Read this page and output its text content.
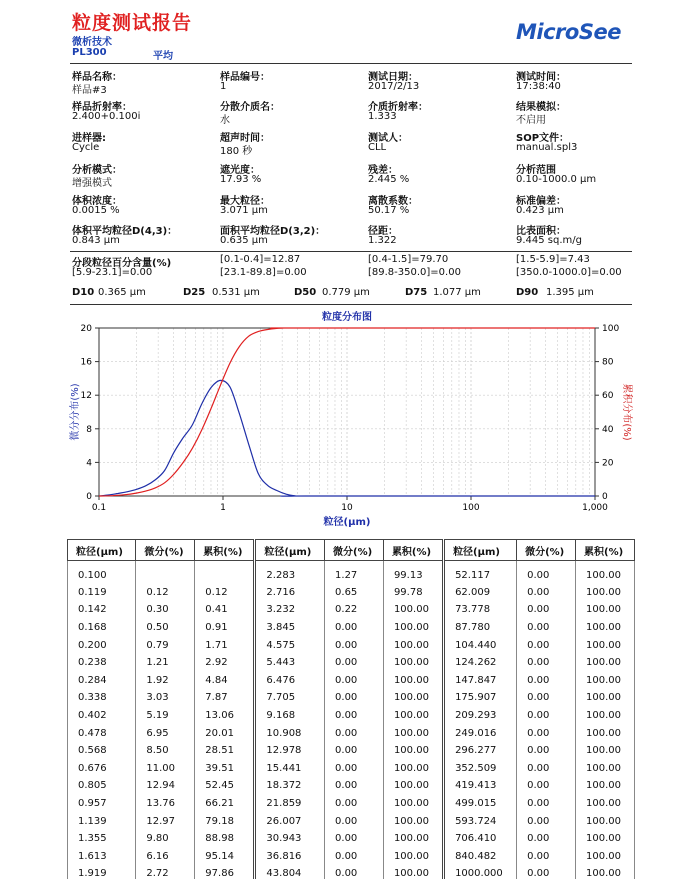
粒度测试报告
微析技术
PL300	平均
MicroSee
样品名称：
样品#3
样品编号：
1
测试日期：
2017/2/13
测试时间：
17:38:40
样品折射率：
2.400+0.100i
分散介质名：
水
介质折射率：
1.333
结果模拟：
不启用
进样器:
Cycle
超声时间：
180 秒
测试人：
CLL
SOP文件：
manual.spl3
分析模式：
增强模式
遮光度：
17.93 %
残差：
2.445 %
分析范围
0.10-1000.0 µm
体积浓度：
0.0015 %
最大粒径：
3.071 µm
离散系数：
50.17 %
标准偏差：
0.423 µm
体积平均粒径D(4,3)：
0.843 µm
面积平均粒径D(3,2)：
0.635 µm
径距：
1.322
比表面积：
9.445 sq.m/g
分段粒径百分含量(%)
[5.9-23.1]=0.00
[0.1-0.4]=12.87
[23.1-89.8]=0.00
[0.4-1.5]=79.70
[89.8-350.0]=0.00
[1.5-5.9]=7.43
[350.0-1000.0]=0.00
D10 0.365 µm	D25 0.531 µm	D50 0.779 µm	D75 1.077 µm	D90 1.395 µm
0.1	1	10	100	1,000
0
4
8
12
16
20
0
20
40
60
80
100
粒度分布图
粒径(µm)
微分分布(%)	累积分布(%)
粒径(µm)	微分(%)	累积(%)	粒径(µm)	微分(%)	累积(%)	粒径(µm)	微分(%)	累积(%)
0.100			2.283	1.27	99.13	52.117	0.00	100.00
0.119	0.12	0.12	2.716	0.65	99.78	62.009	0.00	100.00
0.142	0.30	0.41	3.232	0.22	100.00	73.778	0.00	100.00
0.168	0.50	0.91	3.845	0.00	100.00	87.780	0.00	100.00
0.200	0.79	1.71	4.575	0.00	100.00	104.440	0.00	100.00
0.238	1.21	2.92	5.443	0.00	100.00	124.262	0.00	100.00
0.284	1.92	4.84	6.476	0.00	100.00	147.847	0.00	100.00
0.338	3.03	7.87	7.705	0.00	100.00	175.907	0.00	100.00
0.402	5.19	13.06	9.168	0.00	100.00	209.293	0.00	100.00
0.478	6.95	20.01	10.908	0.00	100.00	249.016	0.00	100.00
0.568	8.50	28.51	12.978	0.00	100.00	296.277	0.00	100.00
0.676	11.00	39.51	15.441	0.00	100.00	352.509	0.00	100.00
0.805	12.94	52.45	18.372	0.00	100.00	419.413	0.00	100.00
0.957	13.76	66.21	21.859	0.00	100.00	499.015	0.00	100.00
1.139	12.97	79.18	26.007	0.00	100.00	593.724	0.00	100.00
1.355	9.80	88.98	30.943	0.00	100.00	706.410	0.00	100.00
1.613	6.16	95.14	36.816	0.00	100.00	840.482	0.00	100.00
1.919	2.72	97.86	43.804	0.00	100.00	1000.000	0.00	100.00
